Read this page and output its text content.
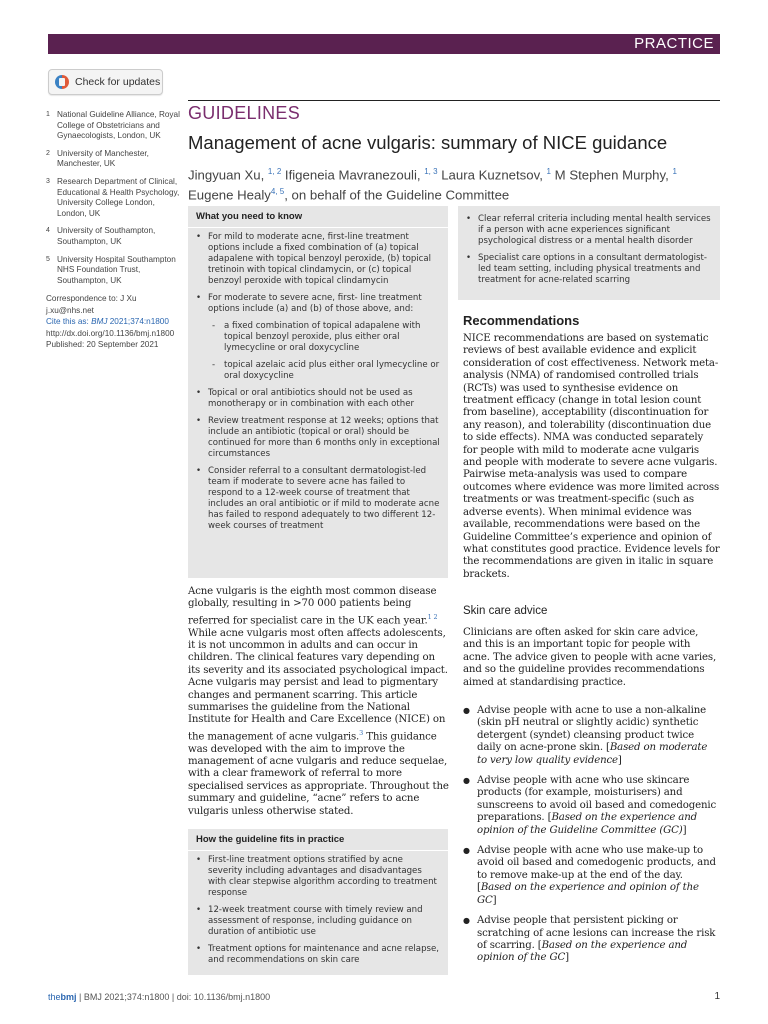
PRACTICE
Check for updates
1 National Guideline Alliance, Royal College of Obstetricians and Gynaecologists, London, UK
2 University of Manchester, Manchester, UK
3 Research Department of Clinical, Educational & Health Psychology, University College London, London, UK
4 University of Southampton, Southampton, UK
5 University Hospital Southampton NHS Foundation Trust, Southampton, UK
Correspondence to: J Xu j.xu@nhs.net
Cite this as: BMJ 2021;374:n1800
http://dx.doi.org/10.1136/bmj.n1800
Published: 20 September 2021
GUIDELINES
Management of acne vulgaris: summary of NICE guidance
Jingyuan Xu, $^{1, 2}$ Ifigeneia Mavranezouli, $^{1, 3}$ Laura Kuznetsov, $^1$ M Stephen Murphy, $^1$ Eugene Healy$^{4, 5}$, on behalf of the Guideline Committee
What you need to know
• For mild to moderate acne, first-line treatment options include a fixed combination of (a) topical adapalene with topical benzoyl peroxide, (b) topical tretinoin with topical clindamycin, or (c) topical benzoyl peroxide with topical clindamycin
• For moderate to severe acne, first- line treatment options include (a) and (b) of those above, and:
- a fixed combination of topical adapalene with topical benzoyl peroxide, plus either oral lymecycline or oral doxycycline
- topical azelaic acid plus either oral lymecycline or oral doxycycline
• Topical or oral antibiotics should not be used as monotherapy or in combination with each other
• Review treatment response at 12 weeks; options that include an antibiotic (topical or oral) should be continued for more than 6 months only in exceptional circumstances
• Consider referral to a consultant dermatologist-led team if moderate to severe acne has failed to respond to a 12-week course of treatment that includes an oral antibiotic or if mild to moderate acne has failed to respond adequately to two different 12-week courses of treatment
• Clear referral criteria including mental health services if a person with acne experiences significant psychological distress or a mental health disorder
• Specialist care options in a consultant dermatologist-led team setting, including physical treatments and treatment for acne-related scarring
Acne vulgaris is the eighth most common disease globally, resulting in >70 000 patients being referred for specialist care in the UK each year.$^{1 2}$ While acne vulgaris most often affects adolescents, it is not uncommon in adults and can occur in children. The clinical features vary depending on its severity and its associated psychological impact. Acne vulgaris may persist and lead to pigmentary changes and permanent scarring. This article summarises the guideline from the National Institute for Health and Care Excellence (NICE) on the management of acne vulgaris.$^3$ This guidance was developed with the aim to improve the management of acne vulgaris and reduce sequelae, with a clear framework of referral to more specialised services as appropriate. Throughout the summary and guideline, “acne” refers to acne vulgaris unless otherwise stated.
How the guideline fits in practice
• First-line treatment options stratified by acne severity including advantages and disadvantages with clear stepwise algorithm according to treatment response
• 12-week treatment course with timely review and assessment of response, including guidance on duration of antibiotic use
• Treatment options for maintenance and acne relapse, and recommendations on skin care
Recommendations
NICE recommendations are based on systematic reviews of best available evidence and explicit consideration of cost effectiveness. Network meta-analysis (NMA) of randomised controlled trials (RCTs) was used to synthesise evidence on treatment efficacy (change in total lesion count from baseline), acceptability (discontinuation for any reason), and tolerability (discontinuation due to side effects). NMA was conducted separately for people with mild to moderate acne vulgaris and people with moderate to severe acne vulgaris. Pairwise meta-analysis was used to compare outcomes where evidence was more limited across treatments or was treatment-specific (such as adverse events). When minimal evidence was available, recommendations were based on the Guideline Committee’s experience and opinion of what constitutes good practice. Evidence levels for the recommendations are given in italic in square brackets.
Skin care advice
Clinicians are often asked for skin care advice, and this is an important topic for people with acne. The advice given to people with acne varies, and so the guideline provides recommendations aimed at standardising practice.
● Advise people with acne to use a non-alkaline (skin pH neutral or slightly acidic) synthetic detergent (syndet) cleansing product twice daily on acne-prone skin. [Based on moderate to very low quality evidence]
● Advise people with acne who use skincare products (for example, moisturisers) and sunscreens to avoid oil based and comedogenic preparations. [Based on the experience and opinion of the Guideline Committee (GC)]
● Advise people with acne who use make-up to avoid oil based and comedogenic products, and to remove make-up at the end of the day. [Based on the experience and opinion of the GC]
● Advise people that persistent picking or scratching of acne lesions can increase the risk of scarring. [Based on the experience and opinion of the GC]
thebmj | BMJ 2021;374:n1800 | doi: 10.1136/bmj.n1800	1
